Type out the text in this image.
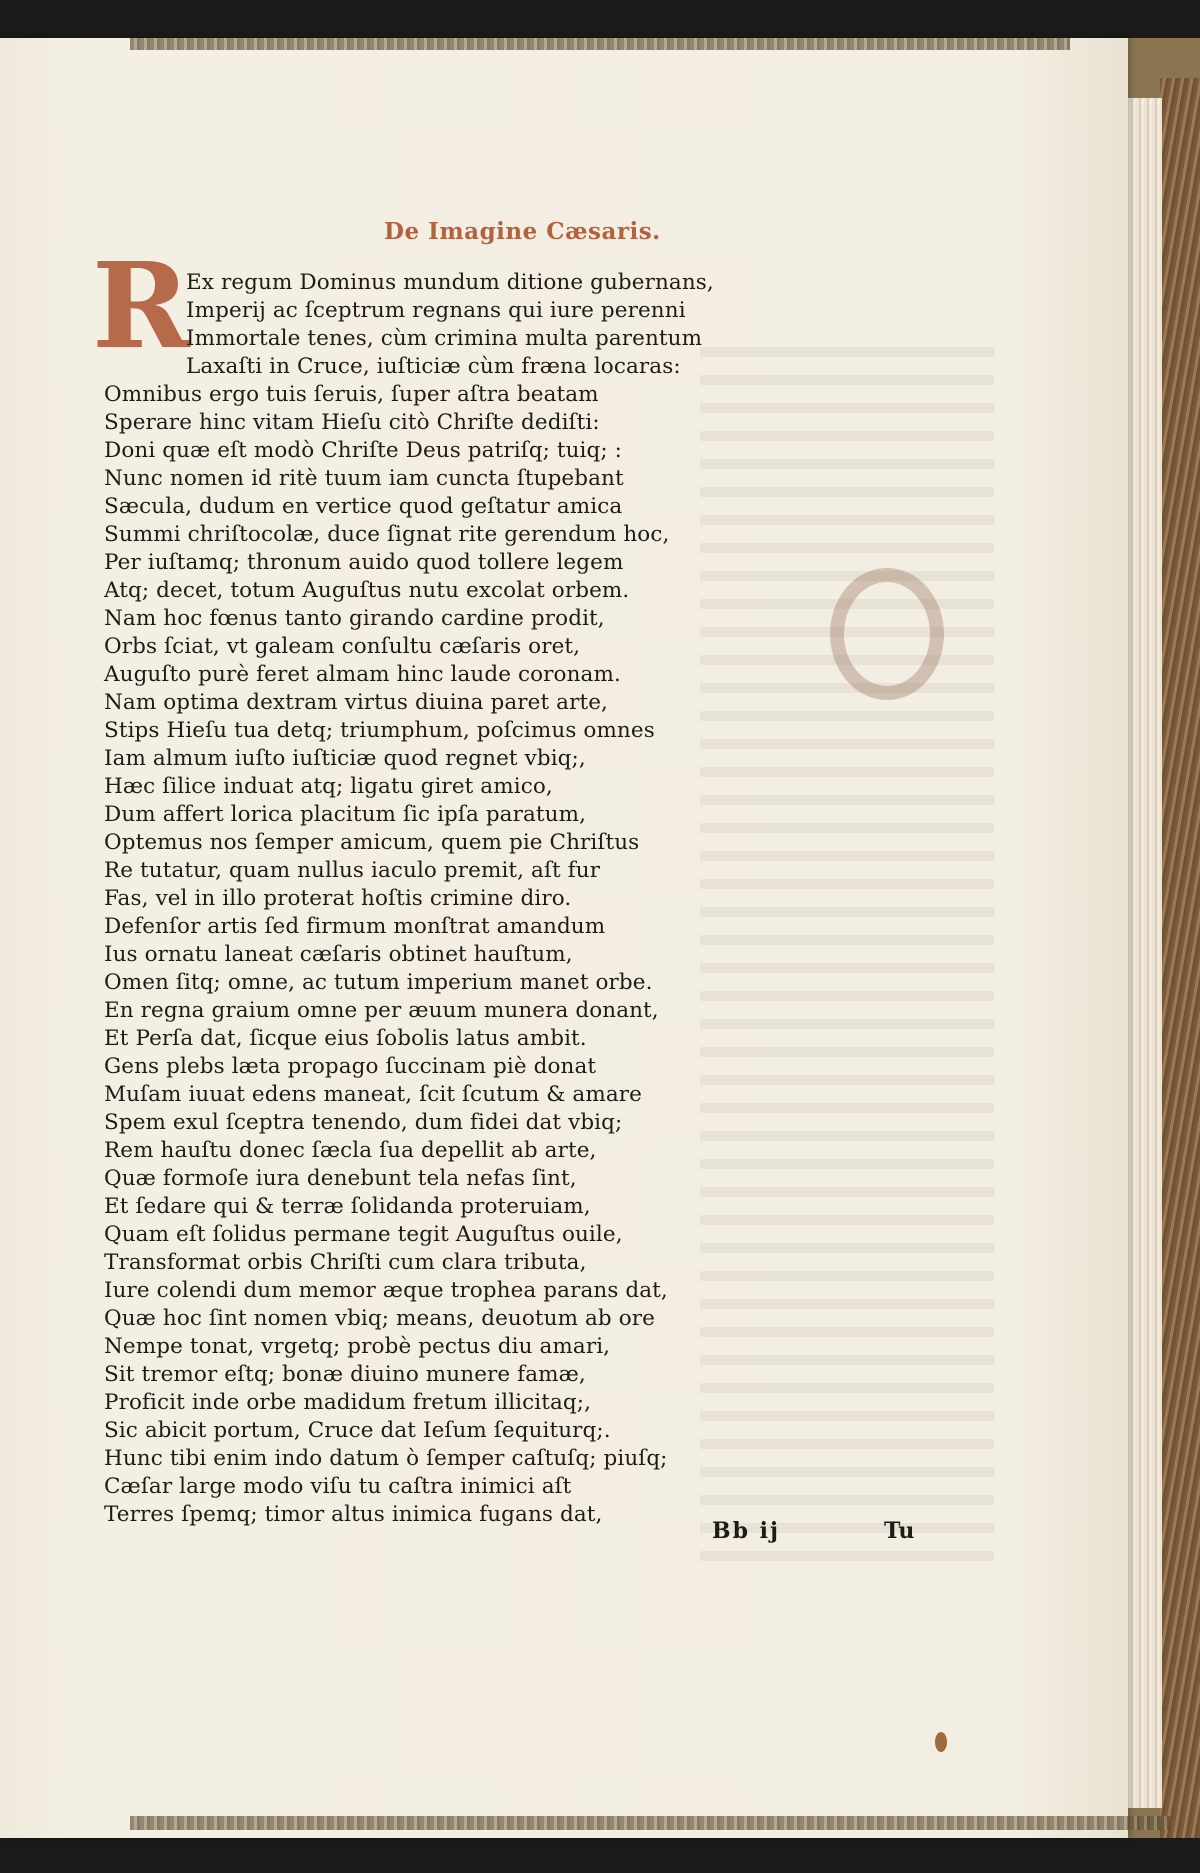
De Imagine Cæsaris.
R
Ex regum Dominus mundum ditione gubernans,
Imperij ac ſceptrum regnans qui iure perenni
Immortale tenes, cùm crimina multa parentum
Laxaſti in Cruce, iuſticiæ cùm fræna locaras:
Omnibus ergo tuis ſeruis, ſuper aſtra beatam
Sperare hinc vitam Hieſu citò Chriſte dediſti:
Doni quæ eſt modò Chriſte Deus patriſq; tuiq; :
Nunc nomen id ritè tuum iam cuncta ſtupebant
Sæcula, dudum en vertice quod geſtatur amica
Summi chriſtocolæ, duce ſignat rite gerendum hoc,
Per iuſtamq; thronum auido quod tollere legem
Atq; decet, totum Auguſtus nutu excolat orbem.
Nam hoc fœnus tanto girando cardine prodit,
Orbs ſciat, vt galeam conſultu cæſaris oret,
Auguſto purè feret almam hinc laude coronam.
Nam optima dextram virtus diuina paret arte,
Stips Hieſu tua detq; triumphum, poſcimus omnes
Iam almum iuſto iuſticiæ quod regnet vbiq;,
Hæc ſilice induat atq; ligatu giret amico,
Dum affert lorica placitum ſic ipſa paratum,
Optemus nos ſemper amicum, quem pie Chriſtus
Re tutatur, quam nullus iaculo premit, aſt fur
Fas, vel in illo proterat hoſtis crimine diro.
Defenſor artis ſed firmum monſtrat amandum
Ius ornatu laneat cæſaris obtinet hauſtum,
Omen ſitq; omne, ac tutum imperium manet orbe.
En regna graium omne per æuum munera donant,
Et Perſa dat, ſicque eius ſobolis latus ambit.
Gens plebs læta propago ſuccinam piè donat
Muſam iuuat edens maneat, ſcit ſcutum & amare
Spem exul ſceptra tenendo, dum fidei dat vbiq;
Rem hauſtu donec ſæcla ſua depellit ab arte,
Quæ formoſe iura denebunt tela nefas ſint,
Et ſedare qui & terræ ſolidanda proteruiam,
Quam eſt ſolidus permane tegit Auguſtus ouile,
Transformat orbis Chriſti cum clara tributa,
Iure colendi dum memor æque trophea parans dat,
Quæ hoc ſint nomen vbiq; means, deuotum ab ore
Nempe tonat, vrgetq; probè pectus diu amari,
Sit tremor eſtq; bonæ diuino munere famæ,
Proficit inde orbe madidum fretum illicitaq;,
Sic abicit portum, Cruce dat Ieſum ſequiturq;.
Hunc tibi enim indo datum ò ſemper caſtuſq; piuſq;
Cæſar large modo viſu tu caſtra inimici aſt
Terres ſpemq; timor altus inimica fugans dat,
Bb ij	Tu
